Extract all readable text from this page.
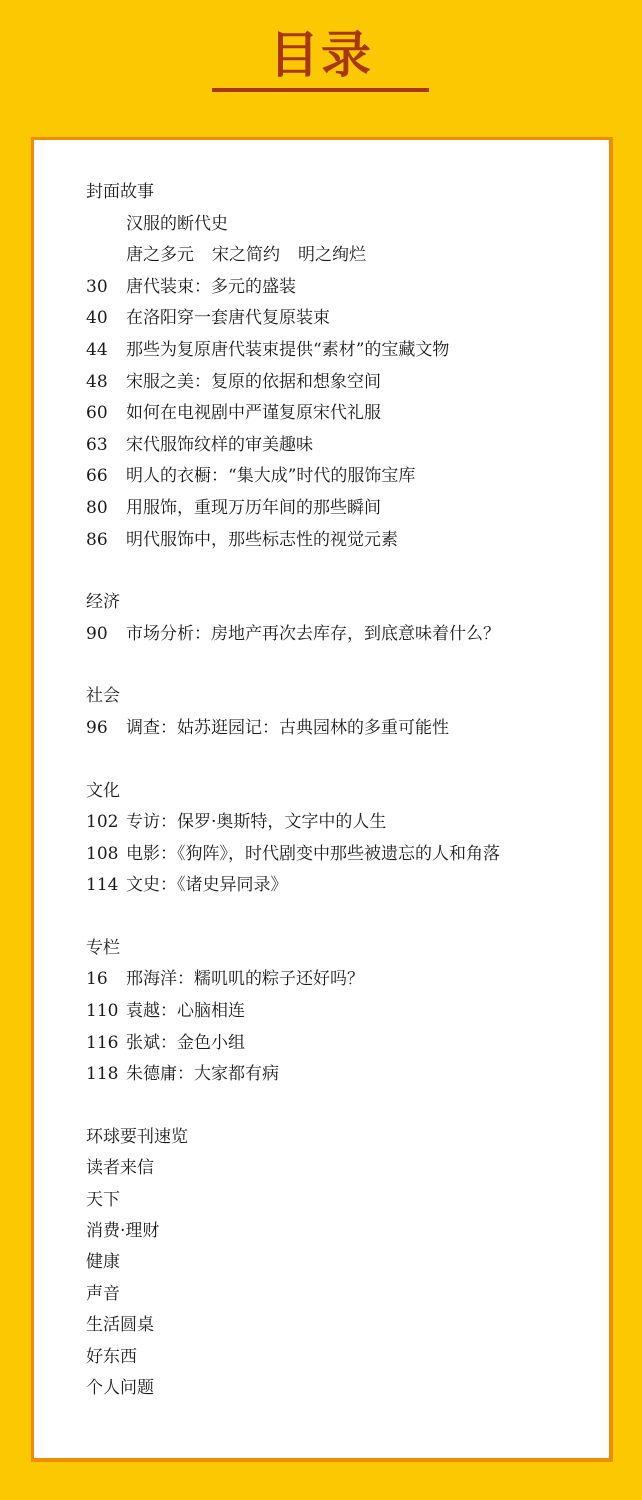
目录
封面故事
汉服的断代史
唐之多元 宋之简约 明之绚烂
30	唐代装束：多元的盛装
40	在洛阳穿一套唐代复原装束
44	那些为复原唐代装束提供“素材”的宝藏文物
48	宋服之美：复原的依据和想象空间
60	如何在电视剧中严谨复原宋代礼服
63	宋代服饰纹样的审美趣味
66	明人的衣橱：“集大成”时代的服饰宝库
80	用服饰，重现万历年间的那些瞬间
86	明代服饰中，那些标志性的视觉元素
经济
90	市场分析：房地产再次去库存，到底意味着什么？
社会
96	调查：姑苏逛园记：古典园林的多重可能性
文化
102 专访：保罗·奥斯特，文字中的人生
108 电影：《狗阵》，时代剧变中那些被遗忘的人和角落
114 文史：《诸史异同录》
专栏
16	邢海洋：糯叽叽的粽子还好吗？
110 袁越：心脑相连
116 张斌：金色小组
118 朱德庸：大家都有病
环球要刊速览
读者来信
天下
消费·理财
健康
声音
生活圆桌
好东西
个人问题
